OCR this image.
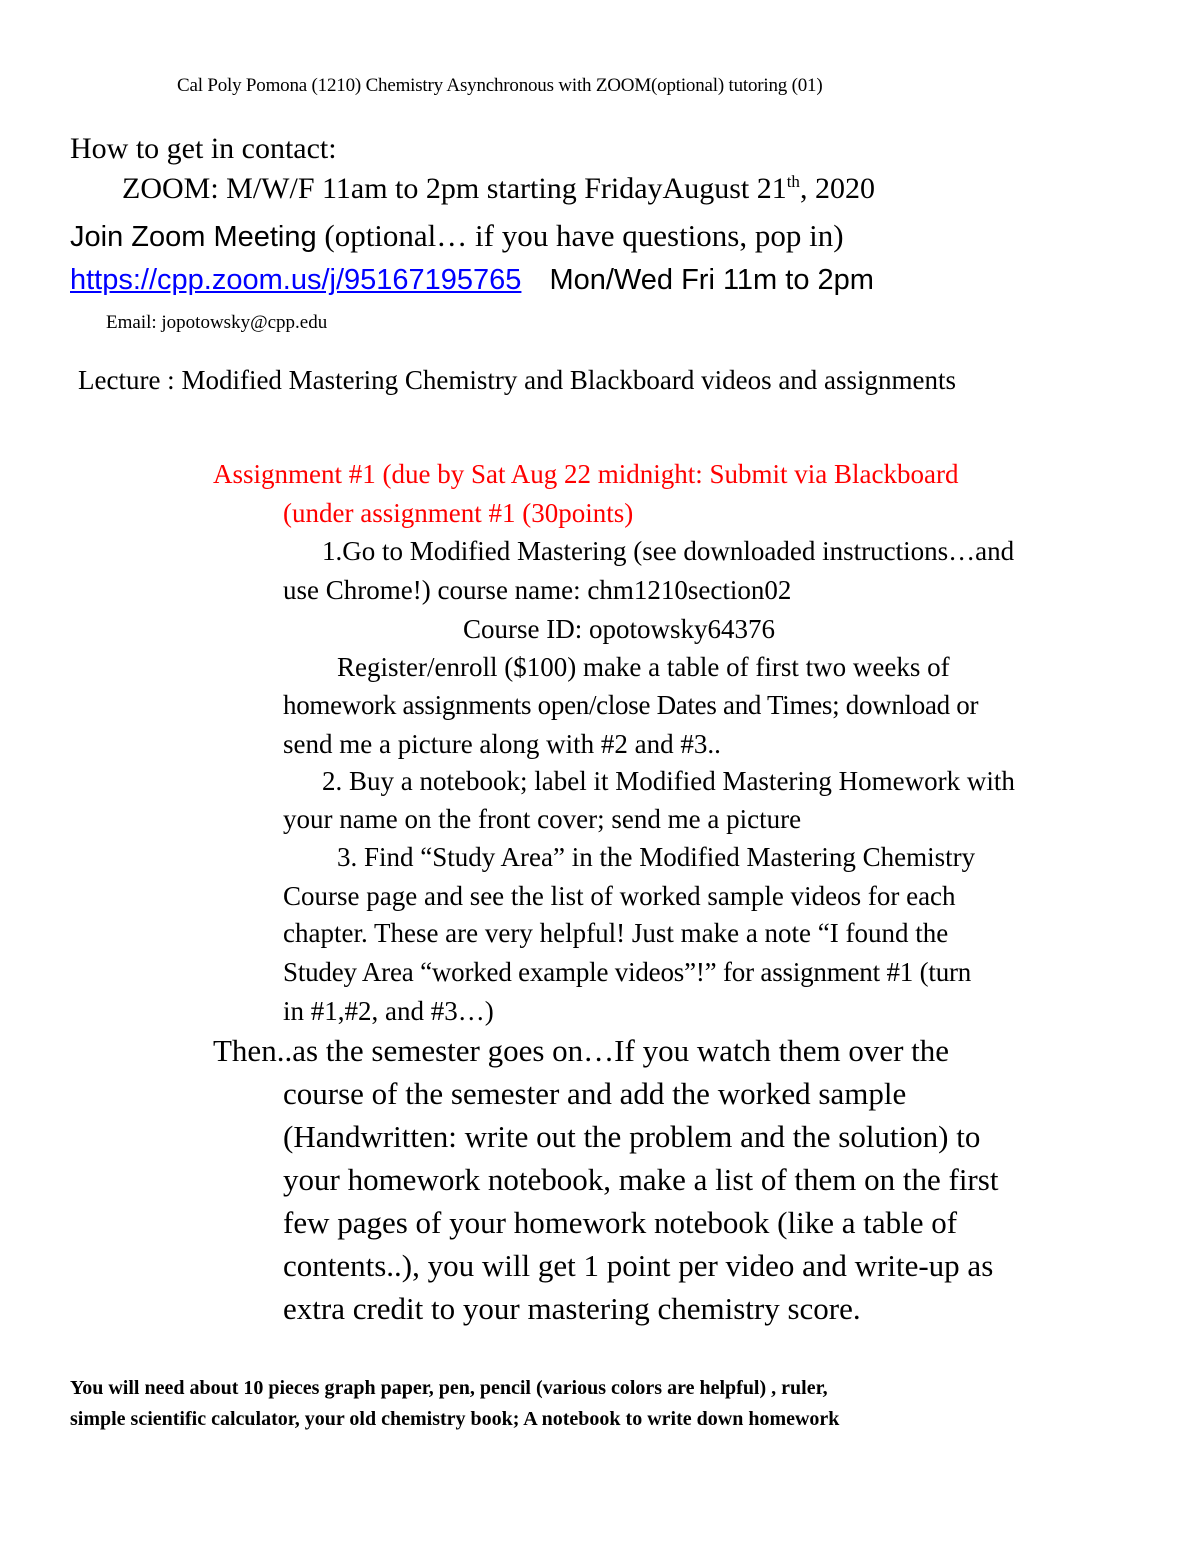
Cal Poly Pomona (1210) Chemistry Asynchronous with ZOOM(optional) tutoring (01)

How to get in contact:

ZOOM: M/W/F 11am to 2pm starting FridayAugust 21th, 2020

Join Zoom Meeting (optional… if you have questions, pop in)

https://cpp.zoom.us/j/95167195765 Mon/Wed Fri 11m to 2pm

Email: jopotowsky@cpp.edu

Lecture : Modified Mastering Chemistry and Blackboard videos and assignments

Assignment #1 (due by Sat Aug 22 midnight: Submit via Blackboard

(under assignment #1 (30points)

1.Go to Modified Mastering (see downloaded instructions…and

use Chrome!) course name: chm1210section02

Course ID: opotowsky64376

Register/enroll ($100) make a table of first two weeks of

homework assignments open/close Dates and Times; download or

send me a picture along with #2 and #3..

2. Buy a notebook; label it Modified Mastering Homework with

your name on the front cover; send me a picture

3. Find “Study Area” in the Modified Mastering Chemistry

Course page and see the list of worked sample videos for each

chapter. These are very helpful! Just make a note “I found the

Studey Area “worked example videos”!” for assignment #1 (turn

in #1,#2, and #3…)

Then..as the semester goes on…If you watch them over the

course of the semester and add the worked sample

(Handwritten: write out the problem and the solution) to

your homework notebook, make a list of them on the first

few pages of your homework notebook (like a table of

contents..), you will get 1 point per video and write-up as

extra credit to your mastering chemistry score.

You will need about 10 pieces graph paper, pen, pencil (various colors are helpful) , ruler,

simple scientific calculator, your old chemistry book; A notebook to write down homework
